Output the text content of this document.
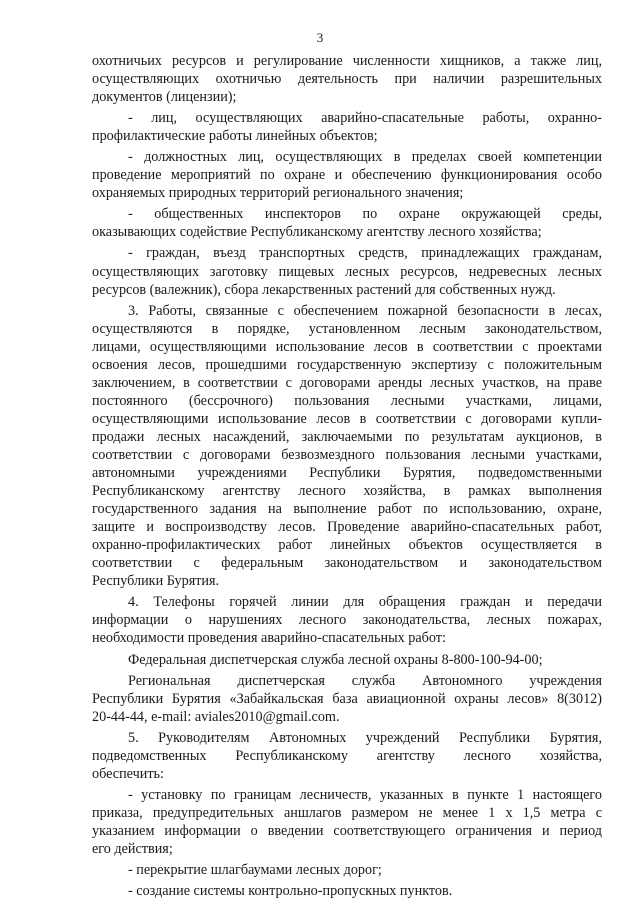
3

охотничьих ресурсов и регулирование численности хищников, а также лиц,

осуществляющих охотничью деятельность при наличии разрешительных

документов (лицензии);

- лиц, осуществляющих аварийно-спасательные работы, охранно-

профилактические работы линейных объектов;

- должностных лиц, осуществляющих в пределах своей компетенции

проведение мероприятий по охране и обеспечению функционирования особо

охраняемых природных территорий регионального значения;

- общественных инспекторов по охране окружающей среды,

оказывающих содействие Республиканскому агентству лесного хозяйства;

- граждан, въезд транспортных средств, принадлежащих гражданам,

осуществляющих заготовку пищевых лесных ресурсов, недревесных лесных

ресурсов (валежник), сбора лекарственных растений для собственных нужд.

3. Работы, связанные с обеспечением пожарной безопасности в лесах,

осуществляются в порядке, установленном лесным законодательством,

лицами, осуществляющими использование лесов в соответствии с проектами

освоения лесов, прошедшими государственную экспертизу с положительным

заключением, в соответствии с договорами аренды лесных участков, на праве

постоянного (бессрочного) пользования лесными участками, лицами,

осуществляющими использование лесов в соответствии с договорами купли-

продажи лесных насаждений, заключаемыми по результатам аукционов, в

соответствии с договорами безвозмездного пользования лесными участками,

автономными учреждениями Республики Бурятия, подведомственными

Республиканскому агентству лесного хозяйства, в рамках выполнения

государственного задания на выполнение работ по использованию, охране,

защите и воспроизводству лесов. Проведение аварийно-спасательных работ,

охранно-профилактических работ линейных объектов осуществляется в

соответствии с федеральным законодательством и законодательством

Республики Бурятия.

4. Телефоны горячей линии для обращения граждан и передачи

информации о нарушениях лесного законодательства, лесных пожарах,

необходимости проведения аварийно-спасательных работ:

Федеральная диспетчерская служба лесной охраны 8-800-100-94-00;

Региональная диспетчерская служба Автономного учреждения

Республики Бурятия «Забайкальская база авиационной охраны лесов» 8(3012)

20-44-44, e-mail: aviales2010@gmail.com.

5. Руководителям Автономных учреждений Республики Бурятия,

подведомственных Республиканскому агентству лесного хозяйства,

обеспечить:

- установку по границам лесничеств, указанных в пункте 1 настоящего

приказа, предупредительных аншлагов размером не менее 1 x 1,5 метра с

указанием информации о введении соответствующего ограничения и период

его действия;

- перекрытие шлагбаумами лесных дорог;

- создание системы контрольно-пропускных пунктов.
